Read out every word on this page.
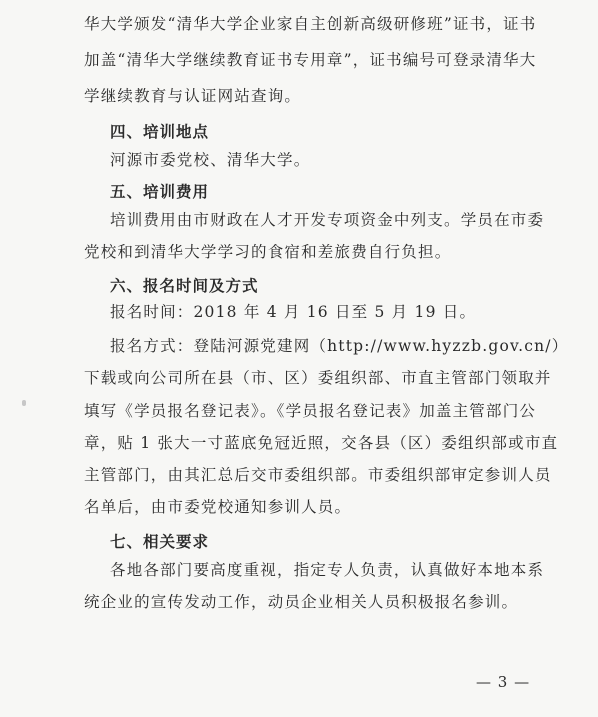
华大学颁发“清华大学企业家自主创新高级研修班”证书，证书
加盖“清华大学继续教育证书专用章”，证书编号可登录清华大
学继续教育与认证网站查询。
四、培训地点
河源市委党校、清华大学。
五、培训费用
培训费用由市财政在人才开发专项资金中列支。学员在市委
党校和到清华大学学习的食宿和差旅费自行负担。
六、报名时间及方式
报名时间：2018 年 4 月 16 日至 5 月 19 日。
报名方式：登陆河源党建网（http://www.hyzzb.gov.cn/）
下载或向公司所在县（市、区）委组织部、市直主管部门领取并
填写《学员报名登记表》。《学员报名登记表》加盖主管部门公
章，贴 1 张大一寸蓝底免冠近照，交各县（区）委组织部或市直
主管部门，由其汇总后交市委组织部。市委组织部审定参训人员
名单后，由市委党校通知参训人员。
七、相关要求
各地各部门要高度重视，指定专人负责，认真做好本地本系
统企业的宣传发动工作，动员企业相关人员积极报名参训。
— 3 —
